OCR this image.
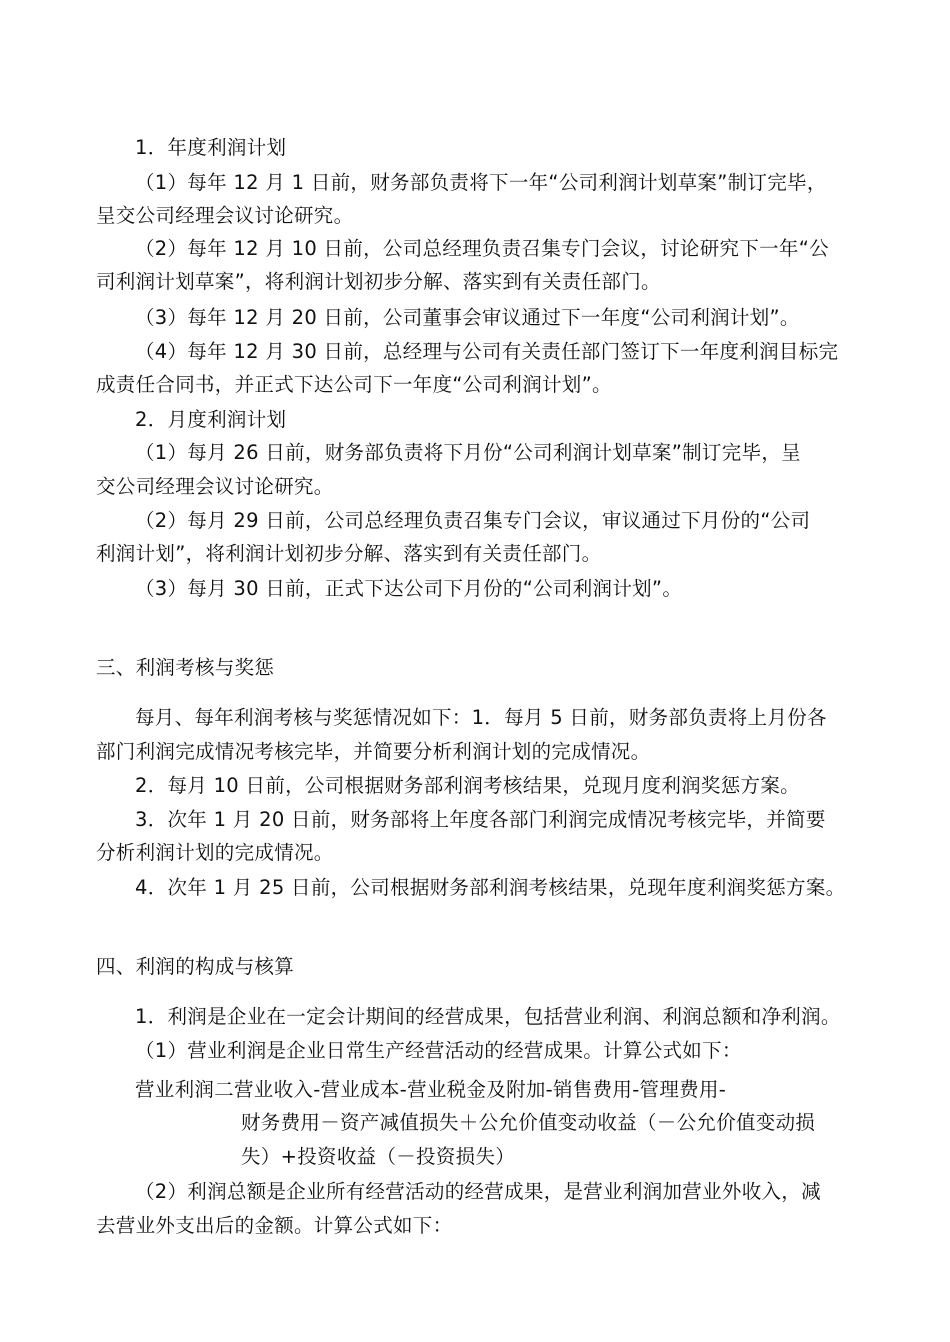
1．年度利润计划
（1）每年 12 月 1 日前，财务部负责将下一年“公司利润计划草案”制订完毕，
呈交公司经理会议讨论研究。
（2）每年 12 月 10 日前，公司总经理负责召集专门会议，讨论研究下一年“公
司利润计划草案”，将利润计划初步分解、落实到有关责任部门。
（3）每年 12 月 20 日前，公司董事会审议通过下一年度“公司利润计划”。
（4）每年 12 月 30 日前，总经理与公司有关责任部门签订下一年度利润目标完
成责任合同书，并正式下达公司下一年度“公司利润计划”。
2．月度利润计划
（1）每月 26 日前，财务部负责将下月份“公司利润计划草案”制订完毕，呈
交公司经理会议讨论研究。
（2）每月 29 日前，公司总经理负责召集专门会议，审议通过下月份的“公司
利润计划”，将利润计划初步分解、落实到有关责任部门。
（3）每月 30 日前，正式下达公司下月份的“公司利润计划”。
三、利润考核与奖惩
每月、每年利润考核与奖惩情况如下：1．每月 5 日前，财务部负责将上月份各
部门利润完成情况考核完毕，并简要分析利润计划的完成情况。
2．每月 10 日前，公司根据财务部利润考核结果，兑现月度利润奖惩方案。
3．次年 1 月 20 日前，财务部将上年度各部门利润完成情况考核完毕，并简要
分析利润计划的完成情况。
4．次年 1 月 25 日前，公司根据财务部利润考核结果，兑现年度利润奖惩方案。
四、利润的构成与核算
1．利润是企业在一定会计期间的经营成果，包括营业利润、利润总额和净利润。
（1）营业利润是企业日常生产经营活动的经营成果。计算公式如下：
营业利润二营业收入-营业成本-营业税金及附加-销售费用-管理费用-
财务费用－资产减值损失＋公允价值变动收益（－公允价值变动损
失）+投资收益（－投资损失）
（2）利润总额是企业所有经营活动的经营成果，是营业利润加营业外收入，减
去营业外支出后的金额。计算公式如下：
